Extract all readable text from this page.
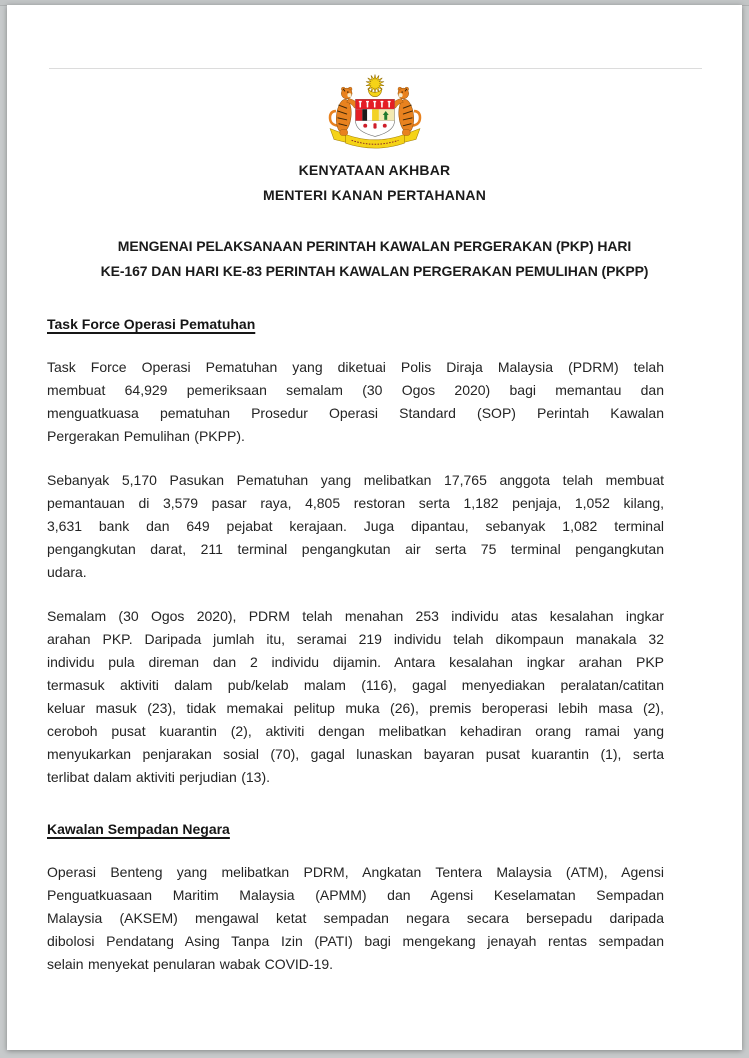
KENYATAAN AKHBAR
MENTERI KANAN PERTAHANAN
MENGENAI PELAKSANAAN PERINTAH KAWALAN PERGERAKAN (PKP) HARI
KE-167 DAN HARI KE-83 PERINTAH KAWALAN PERGERAKAN PEMULIHAN (PKPP)
Task Force Operasi Pematuhan
Task Force Operasi Pematuhan yang diketuai Polis Diraja Malaysia (PDRM) telah
membuat 64,929 pemeriksaan semalam (30 Ogos 2020) bagi memantau dan
menguatkuasa pematuhan Prosedur Operasi Standard (SOP) Perintah Kawalan
Pergerakan Pemulihan (PKPP).
Sebanyak 5,170 Pasukan Pematuhan yang melibatkan 17,765 anggota telah membuat
pemantauan di 3,579 pasar raya, 4,805 restoran serta 1,182 penjaja, 1,052 kilang,
3,631 bank dan 649 pejabat kerajaan. Juga dipantau, sebanyak 1,082 terminal
pengangkutan darat, 211 terminal pengangkutan air serta 75 terminal pengangkutan
udara.
Semalam (30 Ogos 2020), PDRM telah menahan 253 individu atas kesalahan ingkar
arahan PKP. Daripada jumlah itu, seramai 219 individu telah dikompaun manakala 32
individu pula direman dan 2 individu dijamin. Antara kesalahan ingkar arahan PKP
termasuk aktiviti dalam pub/kelab malam (116), gagal menyediakan peralatan/catitan
keluar masuk (23), tidak memakai pelitup muka (26), premis beroperasi lebih masa (2),
ceroboh pusat kuarantin (2), aktiviti dengan melibatkan kehadiran orang ramai yang
menyukarkan penjarakan sosial (70), gagal lunaskan bayaran pusat kuarantin (1), serta
terlibat dalam aktiviti perjudian (13).
Kawalan Sempadan Negara
Operasi Benteng yang melibatkan PDRM, Angkatan Tentera Malaysia (ATM), Agensi
Penguatkuasaan Maritim Malaysia (APMM) dan Agensi Keselamatan Sempadan
Malaysia (AKSEM) mengawal ketat sempadan negara secara bersepadu daripada
dibolosi Pendatang Asing Tanpa Izin (PATI) bagi mengekang jenayah rentas sempadan
selain menyekat penularan wabak COVID-19.
